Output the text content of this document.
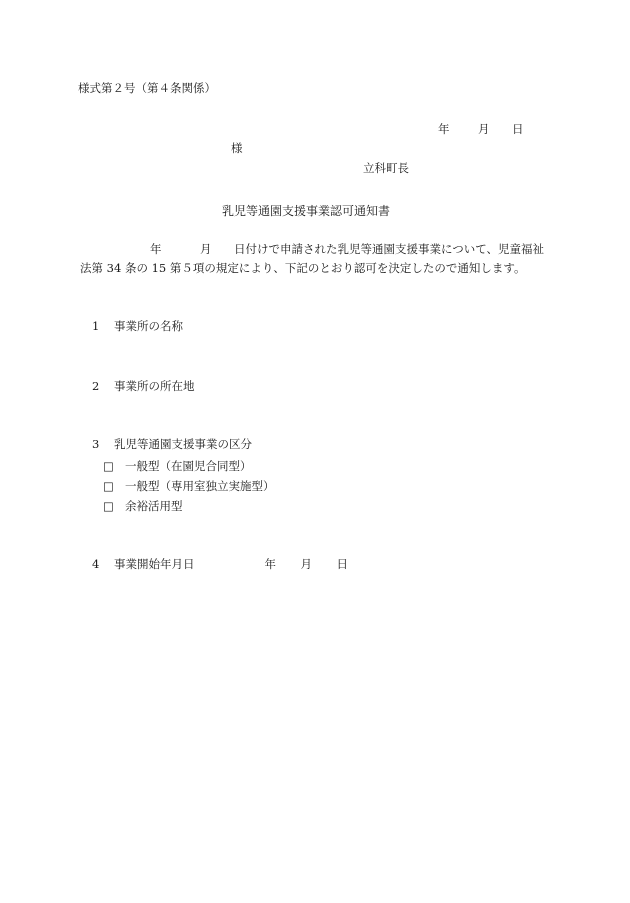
様式第２号（第４条関係）
年 月 日
様
立科町長
乳児等通園支援事業認可通知書
年	月 日付けで申請された乳児等通園支援事業について、児童福祉法第 34 条の 15 第５項の規定により、下記のとおり認可を決定したので通知します。
1 事業所の名称
2 事業所の所在地
3 乳児等通園支援事業の区分
□ 一般型（在園児合同型）
□ 一般型（専用室独立実施型）
□ 余裕活用型
4 事業開始年月日	年 月 日
